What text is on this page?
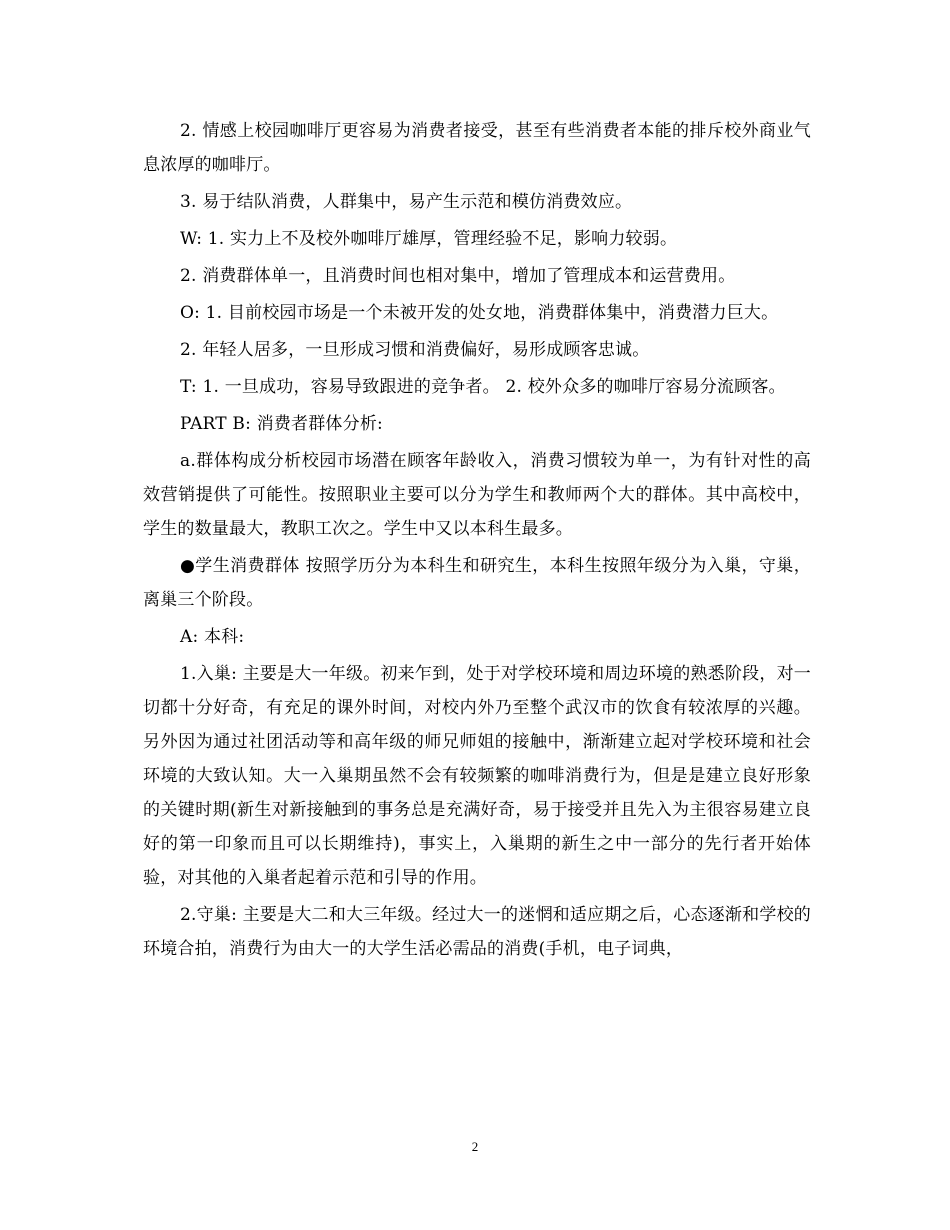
2. 情感上校园咖啡厅更容易为消费者接受，甚至有些消费者本能的排斥校外商业气息浓厚的咖啡厅。

3. 易于结队消费，人群集中，易产生示范和模仿消费效应。

W: 1. 实力上不及校外咖啡厅雄厚，管理经验不足，影响力较弱。

2. 消费群体单一，且消费时间也相对集中，增加了管理成本和运营费用。

O: 1. 目前校园市场是一个未被开发的处女地，消费群体集中，消费潜力巨大。

2. 年轻人居多，一旦形成习惯和消费偏好，易形成顾客忠诚。

T: 1. 一旦成功，容易导致跟进的竞争者。 2. 校外众多的咖啡厅容易分流顾客。

PART B: 消费者群体分析:

a.群体构成分析校园市场潜在顾客年龄收入，消费习惯较为单一，为有针对性的高效营销提供了可能性。按照职业主要可以分为学生和教师两个大的群体。其中高校中，学生的数量最大，教职工次之。学生中又以本科生最多。

●学生消费群体 按照学历分为本科生和研究生，本科生按照年级分为入巢，守巢，离巢三个阶段。

A: 本科:

1.入巢: 主要是大一年级。初来乍到，处于对学校环境和周边环境的熟悉阶段，对一切都十分好奇，有充足的课外时间，对校内外乃至整个武汉市的饮食有较浓厚的兴趣。另外因为通过社团活动等和高年级的师兄师姐的接触中，渐渐建立起对学校环境和社会环境的大致认知。大一入巢期虽然不会有较频繁的咖啡消费行为，但是是建立良好形象的关键时期(新生对新接触到的事务总是充满好奇，易于接受并且先入为主很容易建立良好的第一印象而且可以长期维持)，事实上，入巢期的新生之中一部分的先行者开始体验，对其他的入巢者起着示范和引导的作用。

2.守巢: 主要是大二和大三年级。经过大一的迷惘和适应期之后，心态逐渐和学校的环境合拍，消费行为由大一的大学生活必需品的消费(手机，电子词典，

2
